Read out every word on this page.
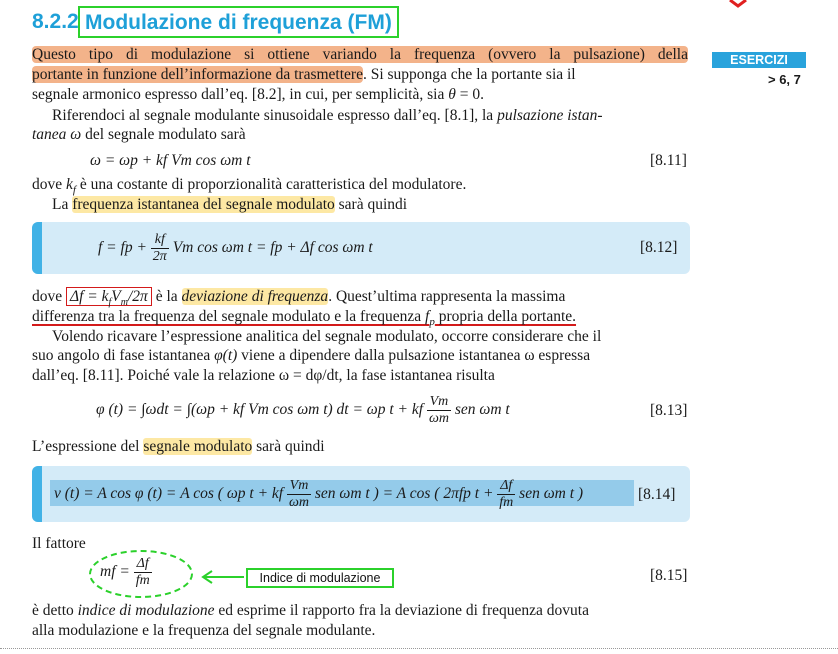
8.2.2 Modulazione di frequenza (FM)
ESERCIZI
> 6, 7
Questo tipo di modulazione si ottiene variando la frequenza (ovvero la pulsazione) della
portante in funzione dell’informazione da trasmettere. Si supponga che la portante sia il
segnale armonico espresso dall’eq. [8.2], in cui, per semplicità, sia θ = 0.
Riferendoci al segnale modulante sinusoidale espresso dall’eq. [8.1], la pulsazione istan-
tanea ω del segnale modulato sarà
ω = ωp + kf Vm cos ωm t	[8.11]
dove $k_f$ è una costante di proporzionalità caratteristica del modulatore.
La frequenza istantanea del segnale modulato sarà quindi
f = fp + $\frac{kf}{2\pi}$ Vm cos ωm t = fp + Δf cos ωm t	[8.12]
dove $\Delta f = k_fV_m/2\pi$ è la deviazione di frequenza. Quest’ultima rappresenta la massima
differenza tra la frequenza del segnale modulato e la frequenza $f_p$ propria della portante.
Volendo ricavare l’espressione analitica del segnale modulato, occorre considerare che il
suo angolo di fase istantanea φ(t) viene a dipendere dalla pulsazione istantanea ω espressa
dall’eq. [8.11]. Poiché vale la relazione ω = dφ/dt, la fase istantanea risulta
φ (t) = ∫ωdt = ∫(ωp + kf Vm cos ωm t) dt = ωp t + kf $\frac{Vm}{\omega m}$ sen ωm t	[8.13]
L’espressione del segnale modulato sarà quindi
v (t) = A cos φ (t) = A cos ( ωp t + kf $\frac{Vm}{\omega m}$ sen ωm t ) = A cos ( 2πfp $t + \frac{\Delta f}{fm}$ sen ωm t )	[8.14]
Il fattore
mf = $\frac{\Delta f}{fm}$	Indice di modulazione	[8.15]
è detto indice di modulazione ed esprime il rapporto fra la deviazione di frequenza dovuta
alla modulazione e la frequenza del segnale modulante.
